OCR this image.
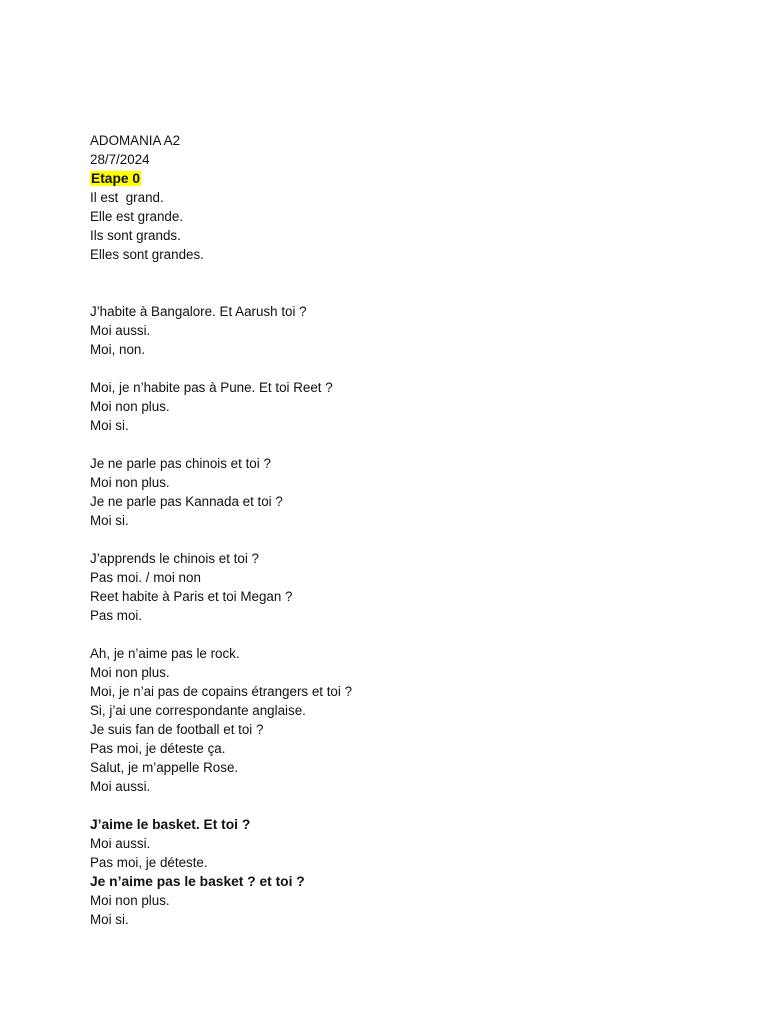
ADOMANIA A2

28/7/2024

Etape 0

Il est  grand.

Elle est grande.

Ils sont grands.

Elles sont grandes.

J’habite à Bangalore. Et Aarush toi ?

Moi aussi.

Moi, non.

Moi, je n’habite pas à Pune. Et toi Reet ?

Moi non plus.

Moi si.

Je ne parle pas chinois et toi ?

Moi non plus.

Je ne parle pas Kannada et toi ?

Moi si.

J’apprends le chinois et toi ?

Pas moi. / moi non

Reet habite à Paris et toi Megan ?

Pas moi.

Ah, je n’aime pas le rock.

Moi non plus.

Moi, je n’ai pas de copains étrangers et toi ?

Si, j’ai une correspondante anglaise.

Je suis fan de football et toi ?

Pas moi, je déteste ça.

Salut, je m’appelle Rose.

Moi aussi.

J’aime le basket. Et toi ?

Moi aussi.

Pas moi, je déteste.

Je n’aime pas le basket ? et toi ?

Moi non plus.

Moi si.
